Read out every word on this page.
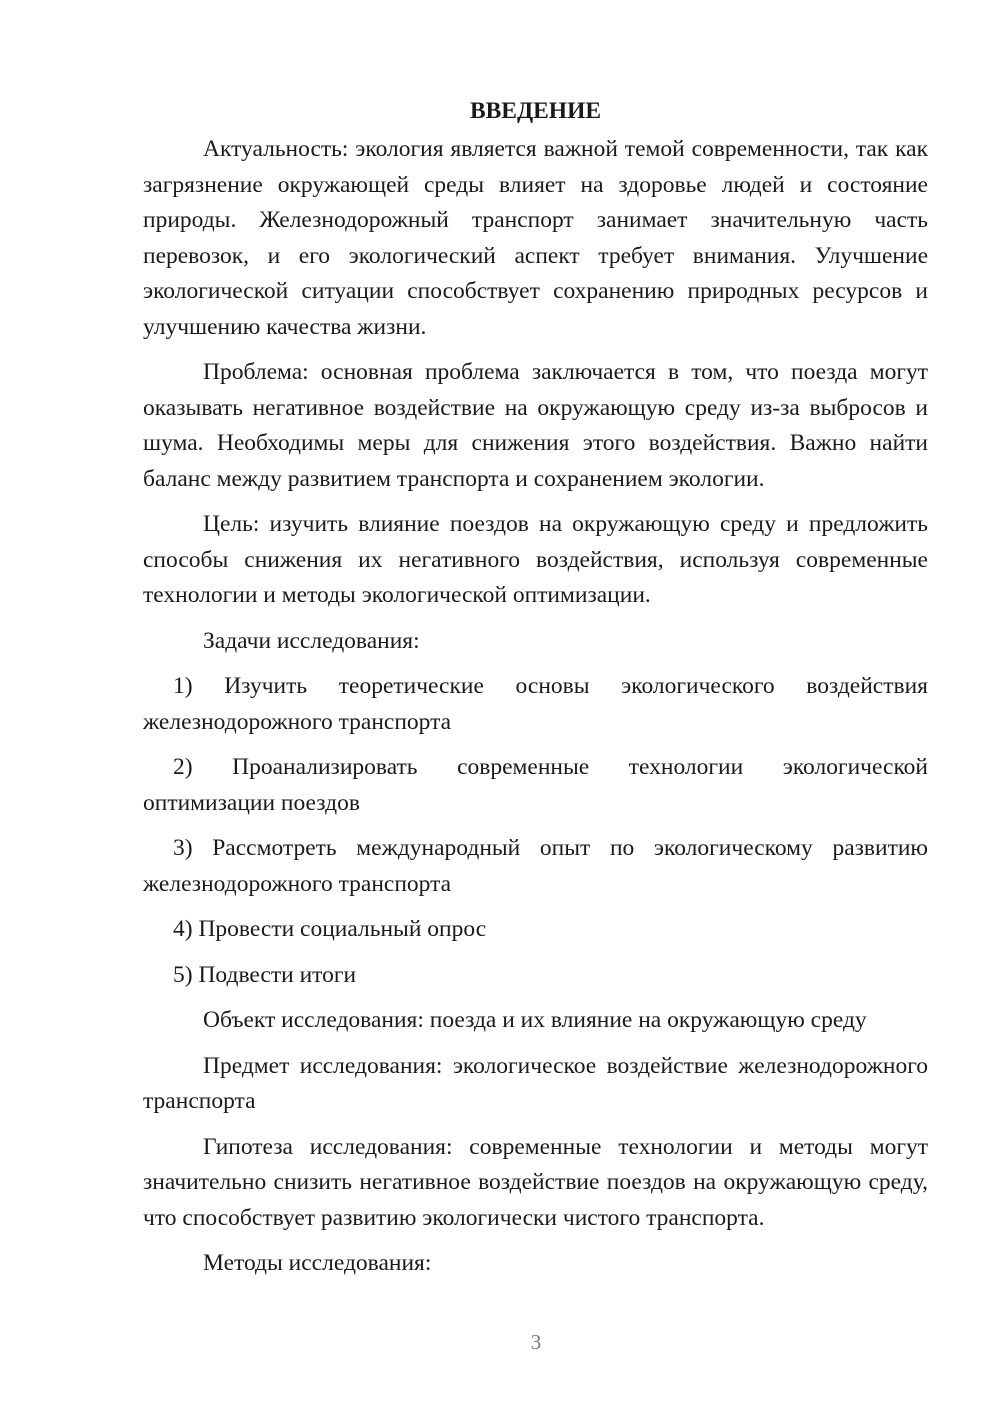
ВВЕДЕНИЕ

Актуальность: экология является важной темой современности, так как загрязнение окружающей среды влияет на здоровье людей и состояние природы. Железнодорожный транспорт занимает значительную часть перевозок, и его экологический аспект требует внимания. Улучшение экологической ситуации способствует сохранению природных ресурсов и улучшению качества жизни.

Проблема: основная проблема заключается в том, что поезда могут оказывать негативное воздействие на окружающую среду из-за выбросов и шума. Необходимы меры для снижения этого воздействия. Важно найти баланс между развитием транспорта и сохранением экологии.

Цель: изучить влияние поездов на окружающую среду и предложить способы снижения их негативного воздействия, используя современные технологии и методы экологической оптимизации.

Задачи исследования:

1) Изучить теоретические основы экологического воздействия железнодорожного транспорта

2) Проанализировать современные технологии экологической оптимизации поездов

3) Рассмотреть международный опыт по экологическому развитию железнодорожного транспорта

4) Провести социальный опрос

5) Подвести итоги

Объект исследования: поезда и их влияние на окружающую среду

Предмет исследования: экологическое воздействие железнодорожного транспорта

Гипотеза исследования: современные технологии и методы могут значительно снизить негативное воздействие поездов на окружающую среду, что способствует развитию экологически чистого транспорта.

Методы исследования:

3
